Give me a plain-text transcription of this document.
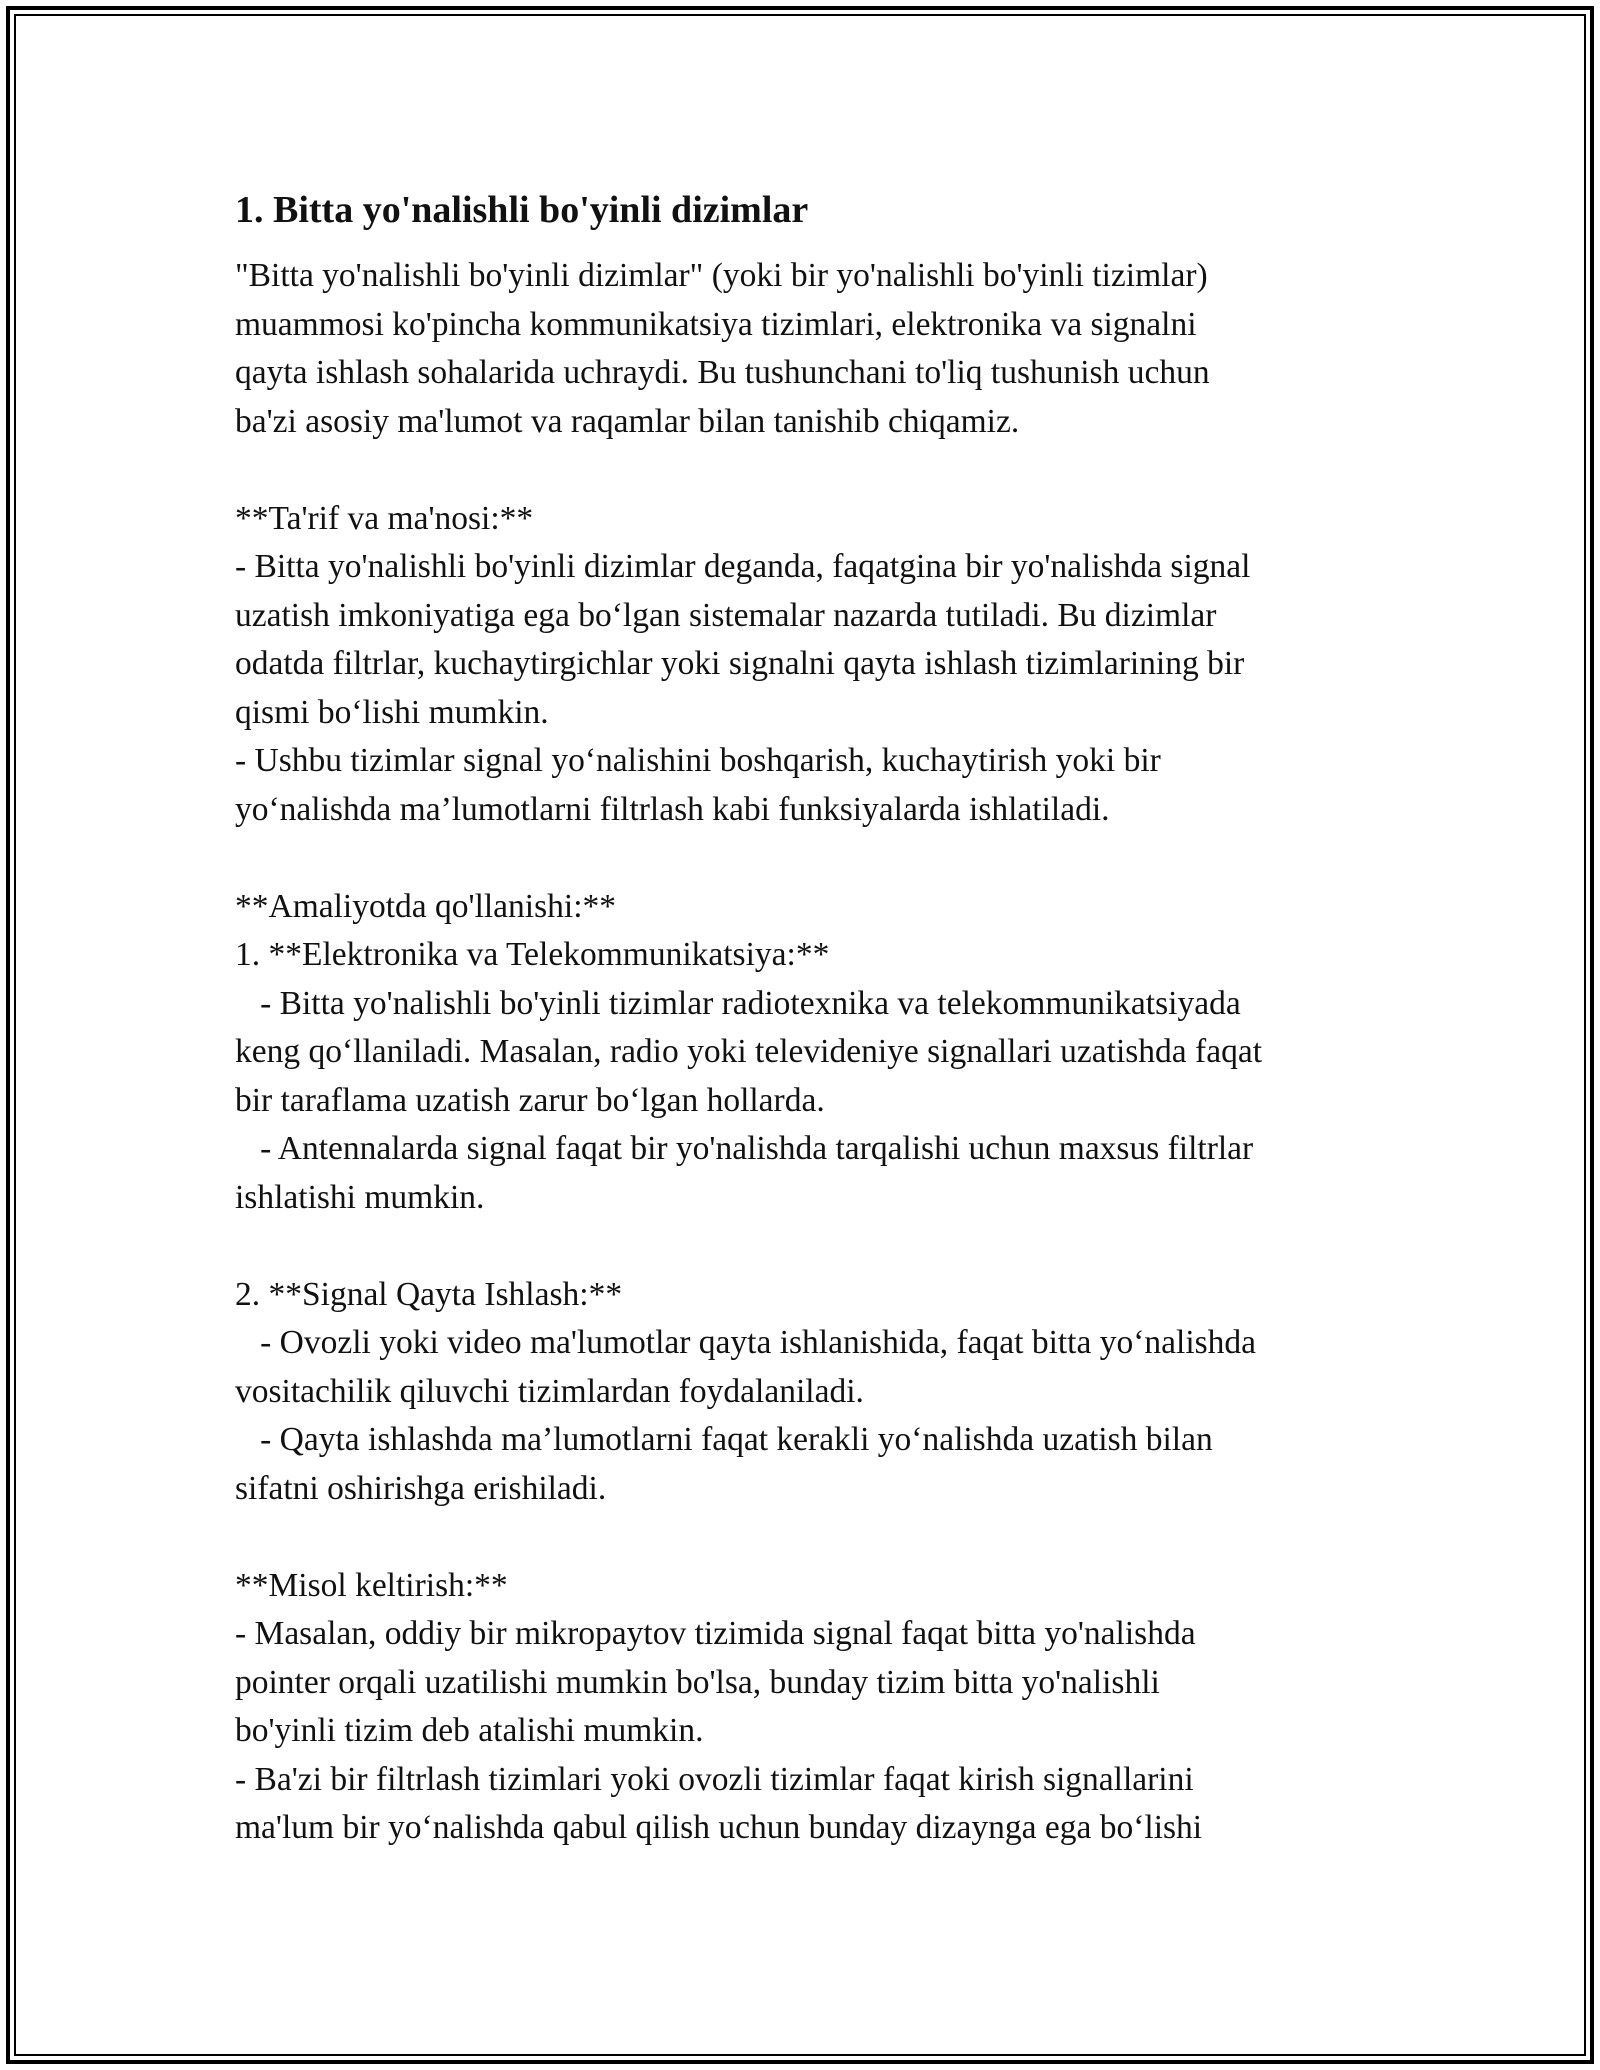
1. Bitta yo'nalishli bo'yinli dizimlar
"Bitta yo'nalishli bo'yinli dizimlar" (yoki bir yo'nalishli bo'yinli tizimlar)
muammosi ko'pincha kommunikatsiya tizimlari, elektronika va signalni
qayta ishlash sohalarida uchraydi. Bu tushunchani to'liq tushunish uchun
ba'zi asosiy ma'lumot va raqamlar bilan tanishib chiqamiz.
**Ta'rif va ma'nosi:**
- Bitta yo'nalishli bo'yinli dizimlar deganda, faqatgina bir yo'nalishda signal
uzatish imkoniyatiga ega bo‘lgan sistemalar nazarda tutiladi. Bu dizimlar
odatda filtrlar, kuchaytirgichlar yoki signalni qayta ishlash tizimlarining bir
qismi bo‘lishi mumkin.
- Ushbu tizimlar signal yo‘nalishini boshqarish, kuchaytirish yoki bir
yo‘nalishda ma’lumotlarni filtrlash kabi funksiyalarda ishlatiladi.
**Amaliyotda qo'llanishi:**
1. **Elektronika va Telekommunikatsiya:**
- Bitta yo'nalishli bo'yinli tizimlar radiotexnika va telekommunikatsiyada
keng qo‘llaniladi. Masalan, radio yoki televideniye signallari uzatishda faqat
bir taraflama uzatish zarur bo‘lgan hollarda.
- Antennalarda signal faqat bir yo'nalishda tarqalishi uchun maxsus filtrlar
ishlatishi mumkin.
2. **Signal Qayta Ishlash:**
- Ovozli yoki video ma'lumotlar qayta ishlanishida, faqat bitta yo‘nalishda
vositachilik qiluvchi tizimlardan foydalaniladi.
- Qayta ishlashda ma’lumotlarni faqat kerakli yo‘nalishda uzatish bilan
sifatni oshirishga erishiladi.
**Misol keltirish:**
- Masalan, oddiy bir mikropaytov tizimida signal faqat bitta yo'nalishda
pointer orqali uzatilishi mumkin bo'lsa, bunday tizim bitta yo'nalishli
bo'yinli tizim deb atalishi mumkin.
- Ba'zi bir filtrlash tizimlari yoki ovozli tizimlar faqat kirish signallarini
ma'lum bir yo‘nalishda qabul qilish uchun bunday dizaynga ega bo‘lishi
